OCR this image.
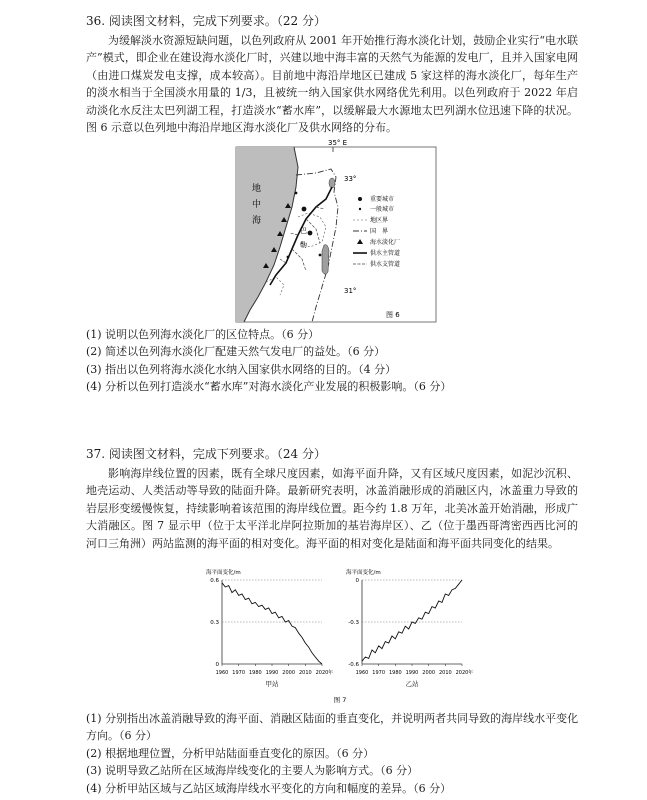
36. 阅读图文材料，完成下列要求。（22 分）

为缓解淡水资源短缺问题，以色列政府从 2001 年开始推行海水淡化计划，鼓励企业实行“电水联产”模式，即企业在建设海水淡化厂时，兴建以地中海丰富的天然气为能源的发电厂，且并入国家电网（由进口煤炭发电支撑，成本较高）。目前地中海沿岸地区已建成 5 家这样的海水淡化厂，每年生产的淡水相当于全国淡水用量的 1/3，且被统一纳入国家供水网络优先利用。以色列政府于 2022 年启动淡化水反注太巴列湖工程，打造淡水“蓄水库”，以缓解最大水源地太巴列湖水位迅速下降的状况。图 6 示意以色列地中海沿岸地区海水淡化厂及供水网络的分布。

35° E
33°
31°
地
中
海
巴
勒
重要城市
一般城市
地区界
国　界
海水淡化厂
供水主管道
供水支管道
图 6
(1) 说明以色列海水淡化厂的区位特点。（6 分）
(2) 简述以色列海水淡化厂配建天然气发电厂的益处。（6 分）
(3) 指出以色列将海水淡化水纳入国家供水网络的目的。（4 分）
(4) 分析以色列打造淡水“蓄水库”对海水淡化产业发展的积极影响。（6 分）
37. 阅读图文材料，完成下列要求。（24 分）

影响海岸线位置的因素，既有全球尺度因素，如海平面升降，又有区域尺度因素，如泥沙沉积、地壳运动、人类活动等导致的陆面升降。最新研究表明，冰盖消融形成的消融区内，冰盖重力导致的岩层形变缓慢恢复，持续影响着该范围的海岸线位置。距今约 1.8 万年，北美冰盖开始消融，形成广大消融区。图 7 显示甲（位于太平洋北岸阿拉斯加的基岩海岸区）、乙（位于墨西哥湾密西西比河的河口三角洲）两站监测的海平面的相对变化。海平面的相对变化是陆面和海平面共同变化的结果。

海平面变化/m
0
0.3
0.6
1960 1970 1980 1990 2000 2010 2020 年
甲站
海平面变化/m
0
-0.3
-0.6
1960 1970 1980 1990 2000 2010 2020 年
乙站
图 7
(1) 分别指出冰盖消融导致的海平面、消融区陆面的垂直变化，并说明两者共同导致的海岸线水平变化方向。（6 分）
(2) 根据地理位置，分析甲站陆面垂直变化的原因。（6 分）
(3) 说明导致乙站所在区域海岸线变化的主要人为影响方式。（6 分）
(4) 分析甲站区域与乙站区域海岸线水平变化的方向和幅度的差异。（6 分）
